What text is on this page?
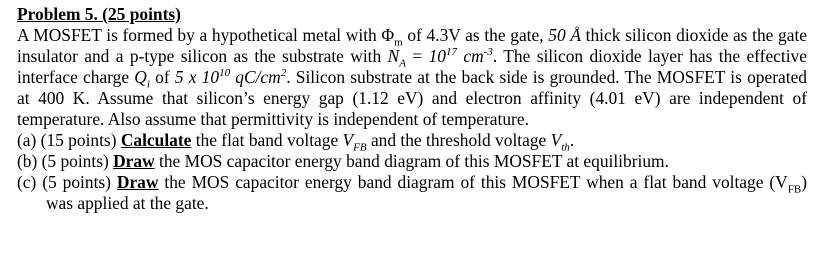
Problem 5. (25 points)

A MOSFET is formed by a hypothetical metal with $\Phi_m$ of 4.3V as the gate, 50 Å thick silicon dioxide as the gate insulator and a p-type silicon as the substrate with $N_A = 10^{17}$ $cm^{-3}$. The silicon dioxide layer has the effective interface charge $Q_i$ of 5 x $10^{10}$ $qC/cm^2$. Silicon substrate at the back side is grounded. The MOSFET is operated at 400 K. Assume that silicon’s energy gap (1.12 eV) and electron affinity (4.01 eV) are independent of temperature. Also assume that permittivity is independent of temperature.

(a) (15 points) Calculate the flat band voltage $V_{FB}$ and the threshold voltage $V_{th}$.

(b) (5 points) Draw the MOS capacitor energy band diagram of this MOSFET at equilibrium.

(c) (5 points) Draw the MOS capacitor energy band diagram of this MOSFET when a flat band voltage $(V_{FB})$ was applied at the gate.
